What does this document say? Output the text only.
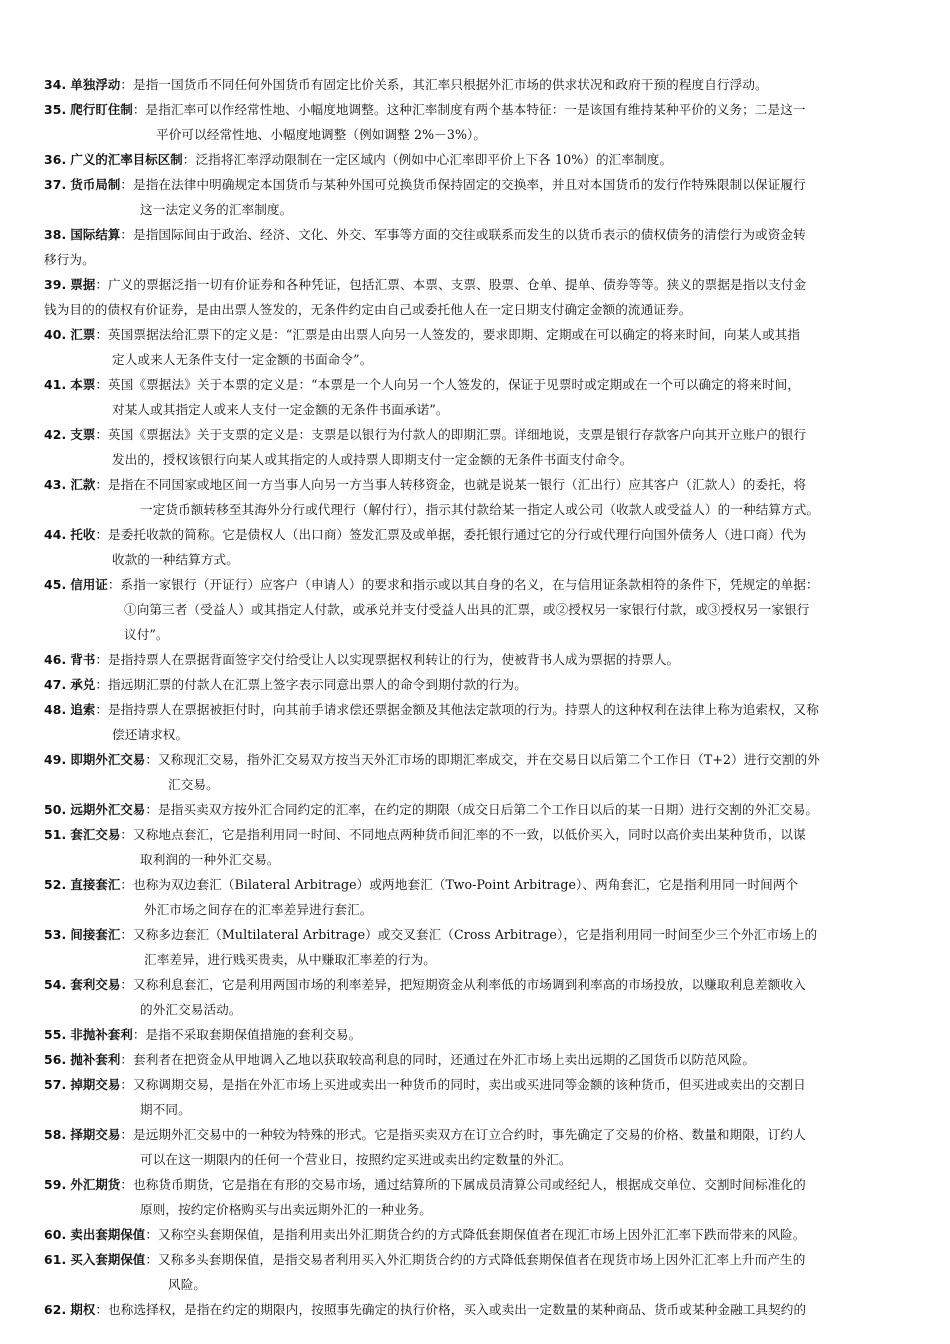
34. 单独浮动：是指一国货币不同任何外国货币有固定比价关系，其汇率只根据外汇市场的供求状况和政府干预的程度自行浮动。
35. 爬行盯住制：是指汇率可以作经常性地、小幅度地调整。这种汇率制度有两个基本特征：一是该国有维持某种平价的义务；二是这一
平价可以经常性地、小幅度地调整（例如调整 2%－3%）。
36. 广义的汇率目标区制：泛指将汇率浮动限制在一定区域内（例如中心汇率即平价上下各 10%）的汇率制度。
37. 货币局制：是指在法律中明确规定本国货币与某种外国可兑换货币保持固定的交换率，并且对本国货币的发行作特殊限制以保证履行
这一法定义务的汇率制度。
38. 国际结算：是指国际间由于政治、经济、文化、外交、军事等方面的交往或联系而发生的以货币表示的债权债务的清偿行为或资金转
移行为。
39. 票据：广义的票据泛指一切有价证券和各种凭证，包括汇票、本票、支票、股票、仓单、提单、债券等等。狭义的票据是指以支付金
钱为目的的债权有价证券，是由出票人签发的，无条件约定由自己或委托他人在一定日期支付确定金额的流通证券。
40. 汇票：英国票据法给汇票下的定义是：“汇票是由出票人向另一人签发的，要求即期、定期或在可以确定的将来时间，向某人或其指
定人或来人无条件支付一定金额的书面命令”。
41. 本票：英国《票据法》关于本票的定义是：“本票是一个人向另一个人签发的，保证于见票时或定期或在一个可以确定的将来时间，
对某人或其指定人或来人支付一定金额的无条件书面承诺”。
42. 支票：英国《票据法》关于支票的定义是：支票是以银行为付款人的即期汇票。详细地说，支票是银行存款客户向其开立账户的银行
发出的，授权该银行向某人或其指定的人或持票人即期支付一定金额的无条件书面支付命令。
43. 汇款：是指在不同国家或地区间一方当事人向另一方当事人转移资金，也就是说某一银行（汇出行）应其客户（汇款人）的委托，将
一定货币额转移至其海外分行或代理行（解付行），指示其付款给某一指定人或公司（收款人或受益人）的一种结算方式。
44. 托收：是委托收款的简称。它是债权人（出口商）签发汇票及或单据，委托银行通过它的分行或代理行向国外债务人（进口商）代为
收款的一种结算方式。
45. 信用证：系指一家银行（开证行）应客户（申请人）的要求和指示或以其自身的名义，在与信用证条款相符的条件下，凭规定的单据：
①向第三者（受益人）或其指定人付款，或承兑并支付受益人出具的汇票，或②授权另一家银行付款，或③授权另一家银行
议付”。
46. 背书：是指持票人在票据背面签字交付给受让人以实现票据权利转让的行为，使被背书人成为票据的持票人。
47. 承兑：指远期汇票的付款人在汇票上签字表示同意出票人的命令到期付款的行为。
48. 追索：是指持票人在票据被拒付时，向其前手请求偿还票据金额及其他法定款项的行为。持票人的这种权利在法律上称为追索权，又称
偿还请求权。
49. 即期外汇交易：又称现汇交易，指外汇交易双方按当天外汇市场的即期汇率成交，并在交易日以后第二个工作日（T+2）进行交割的外
汇交易。
50. 远期外汇交易：是指买卖双方按外汇合同约定的汇率，在约定的期限（成交日后第二个工作日以后的某一日期）进行交割的外汇交易。
51. 套汇交易：又称地点套汇，它是指利用同一时间、不同地点两种货币间汇率的不一致，以低价买入，同时以高价卖出某种货币，以谋
取利润的一种外汇交易。
52. 直接套汇：也称为双边套汇（Bilateral Arbitrage）或两地套汇（Two-Point Arbitrage）、两角套汇，它是指利用同一时间两个
外汇市场之间存在的汇率差异进行套汇。
53. 间接套汇：又称多边套汇（Multilateral Arbitrage）或交叉套汇（Cross Arbitrage），它是指利用同一时间至少三个外汇市场上的
汇率差异，进行贱买贵卖，从中赚取汇率差的行为。
54. 套利交易：又称利息套汇，它是利用两国市场的利率差异，把短期资金从利率低的市场调到利率高的市场投放，以赚取利息差额收入
的外汇交易活动。
55. 非抛补套利：是指不采取套期保值措施的套利交易。
56. 抛补套利：套利者在把资金从甲地调入乙地以获取较高利息的同时，还通过在外汇市场上卖出远期的乙国货币以防范风险。
57. 掉期交易：又称调期交易，是指在外汇市场上买进或卖出一种货币的同时，卖出或买进同等金额的该种货币，但买进或卖出的交割日
期不同。
58. 择期交易：是远期外汇交易中的一种较为特殊的形式。它是指买卖双方在订立合约时，事先确定了交易的价格、数量和期限，订约人
可以在这一期限内的任何一个营业日，按照约定买进或卖出约定数量的外汇。
59. 外汇期货：也称货币期货，它是指在有形的交易市场，通过结算所的下属成员清算公司或经纪人，根据成交单位、交割时间标准化的
原则，按约定价格购买与出卖远期外汇的一种业务。
60. 卖出套期保值：又称空头套期保值，是指利用卖出外汇期货合约的方式降低套期保值者在现汇市场上因外汇汇率下跌而带来的风险。
61. 买入套期保值：又称多头套期保值，是指交易者利用买入外汇期货合约的方式降低套期保值者在现货市场上因外汇汇率上升而产生的
风险。
62. 期权：也称选择权，是指在约定的期限内，按照事先确定的执行价格，买入或卖出一定数量的某种商品、货币或某种金融工具契约的
